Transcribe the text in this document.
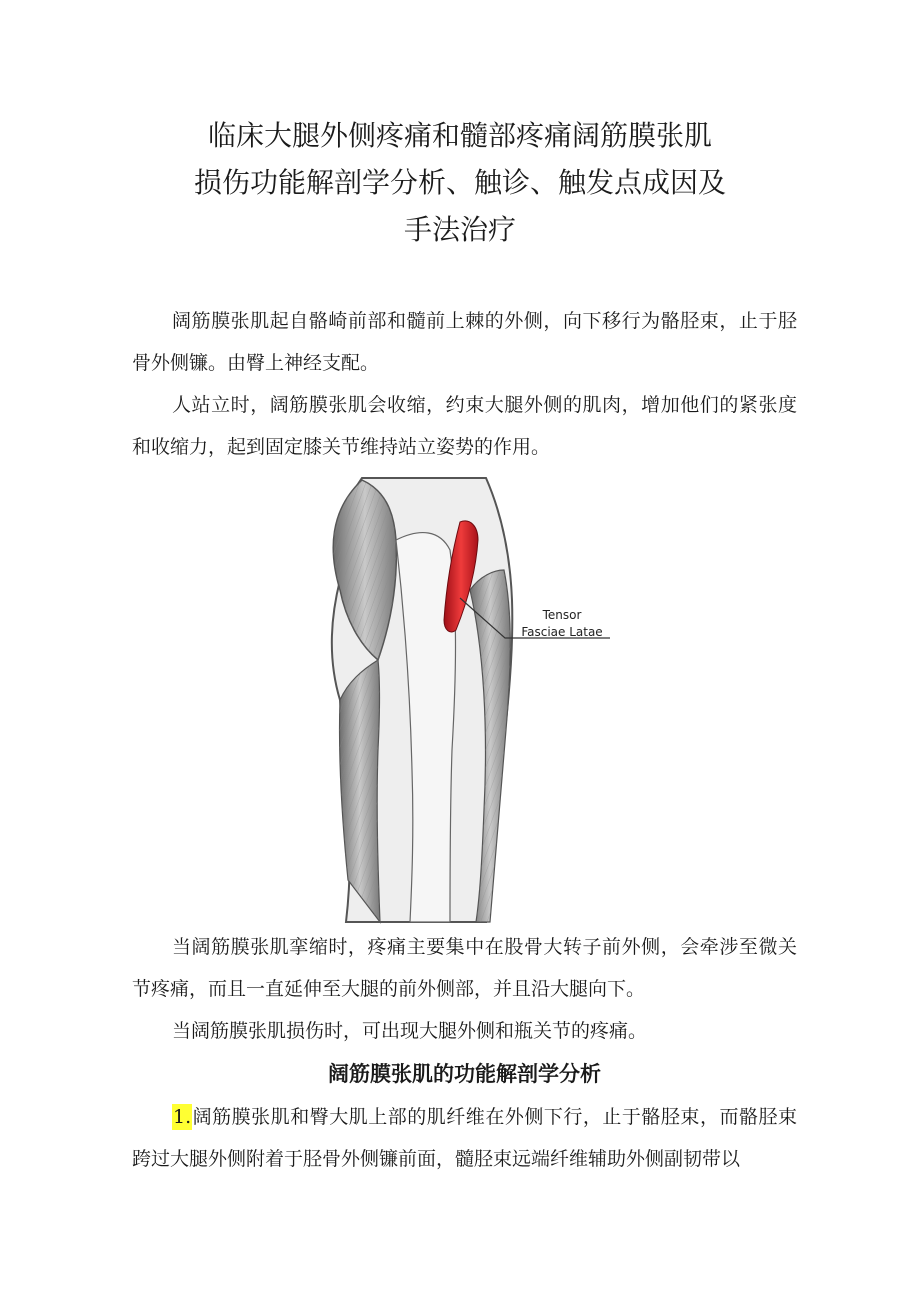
临床大腿外侧疼痛和髓部疼痛阔筋膜张肌
损伤功能解剖学分析、触诊、触发点成因及
手法治疗

阔筋膜张肌起自骼崎前部和髓前上棘的外侧，向下移行为骼胫束，止于胫骨外侧镰。由臀上神经支配。

人站立时，阔筋膜张肌会收缩，约束大腿外侧的肌肉，增加他们的紧张度和收缩力，起到固定膝关节维持站立姿势的作用。

Tensor
Fasciae Latae

当阔筋膜张肌挛缩时，疼痛主要集中在股骨大转子前外侧，会牵涉至微关节疼痛，而且一直延伸至大腿的前外侧部，并且沿大腿向下。

当阔筋膜张肌损伤时，可出现大腿外侧和瓶关节的疼痛。

阔筋膜张肌的功能解剖学分析

1.阔筋膜张肌和臀大肌上部的肌纤维在外侧下行，止于骼胫束，而骼胫束跨过大腿外侧附着于胫骨外侧镰前面，髓胫束远端纤维辅助外侧副韧带以
